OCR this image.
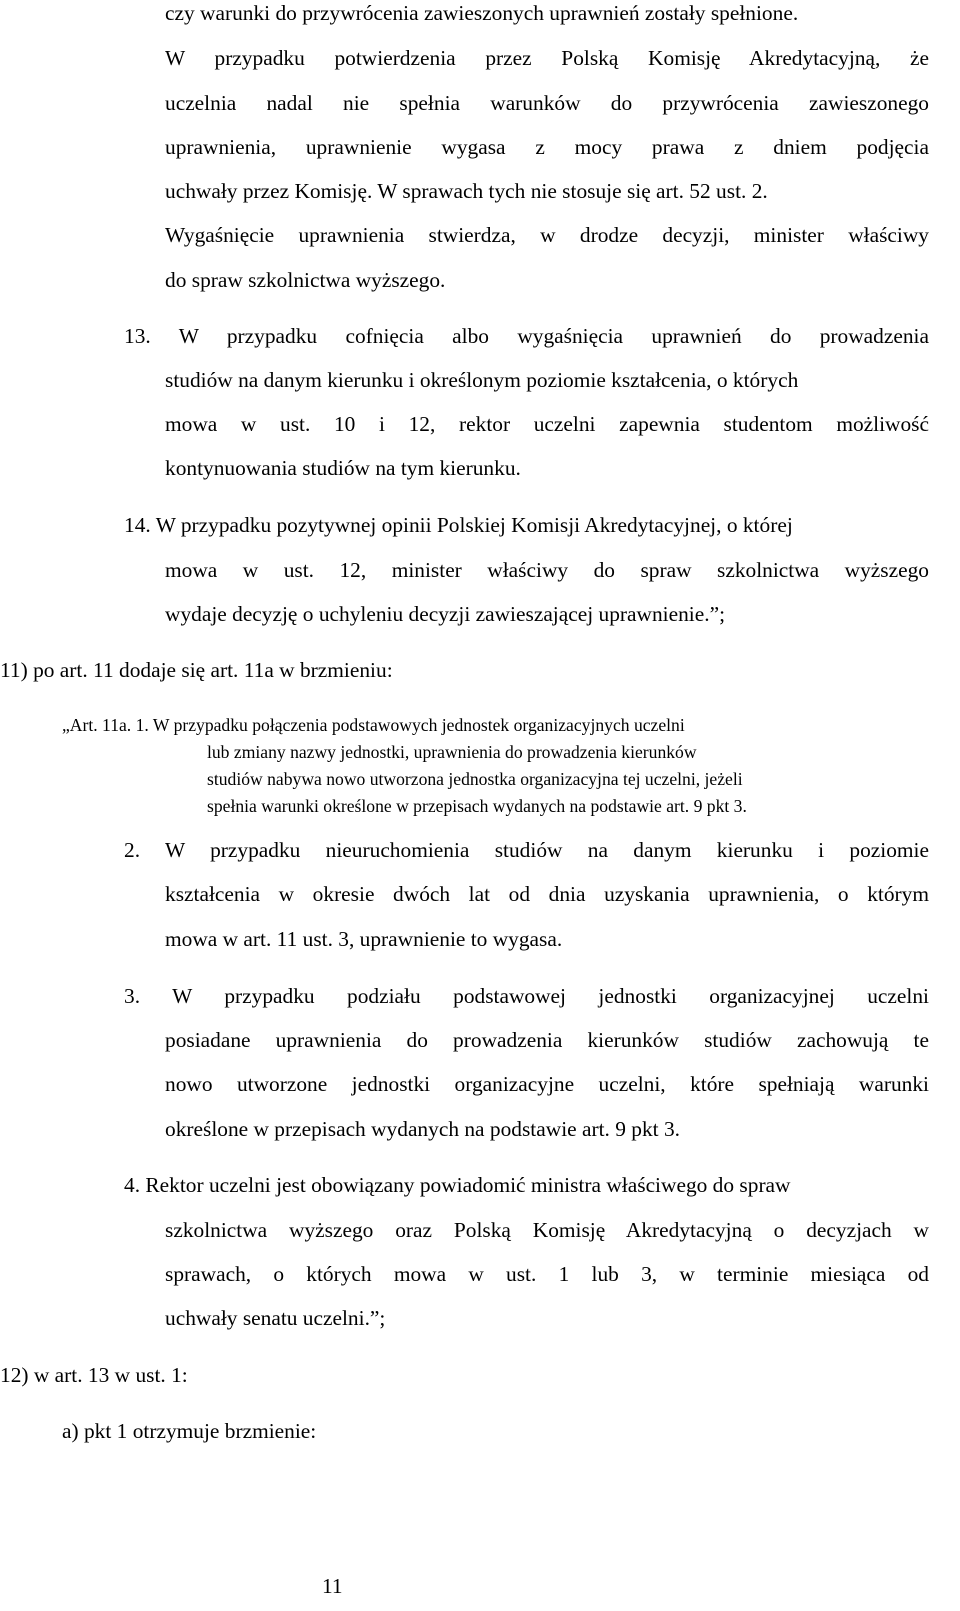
czy warunki do przywrócenia zawieszonych uprawnień zostały spełnione.
W przypadku potwierdzenia przez Polską Komisję Akredytacyjną, że
uczelnia nadal nie spełnia warunków do przywrócenia zawieszonego
uprawnienia, uprawnienie wygasa z mocy prawa z dniem podjęcia
uchwały przez Komisję. W sprawach tych nie stosuje się art. 52 ust. 2.
Wygaśnięcie uprawnienia stwierdza, w drodze decyzji, minister właściwy
do spraw szkolnictwa wyższego.
13. W przypadku cofnięcia albo wygaśnięcia uprawnień do prowadzenia
studiów na danym kierunku i określonym poziomie kształcenia, o których
mowa w ust. 10 i 12, rektor uczelni zapewnia studentom możliwość
kontynuowania studiów na tym kierunku.
14. W przypadku pozytywnej opinii Polskiej Komisji Akredytacyjnej, o której
mowa w ust. 12, minister właściwy do spraw szkolnictwa wyższego
wydaje decyzję o uchyleniu decyzji zawieszającej uprawnienie.”;
11) po art. 11 dodaje się art. 11a w brzmieniu:
„Art. 11a. 1. W przypadku połączenia podstawowych jednostek organizacyjnych uczelni
lub zmiany nazwy jednostki, uprawnienia do prowadzenia kierunków
studiów nabywa nowo utworzona jednostka organizacyjna tej uczelni, jeżeli
spełnia warunki określone w przepisach wydanych na podstawie art. 9 pkt 3.
2. W przypadku nieuruchomienia studiów na danym kierunku i poziomie
kształcenia w okresie dwóch lat od dnia uzyskania uprawnienia, o którym
mowa w art. 11 ust. 3, uprawnienie to wygasa.
3. W przypadku podziału podstawowej jednostki organizacyjnej uczelni
posiadane uprawnienia do prowadzenia kierunków studiów zachowują te
nowo utworzone jednostki organizacyjne uczelni, które spełniają warunki
określone w przepisach wydanych na podstawie art. 9 pkt 3.
4. Rektor uczelni jest obowiązany powiadomić ministra właściwego do spraw
szkolnictwa wyższego oraz Polską Komisję Akredytacyjną o decyzjach w
sprawach, o których mowa w ust. 1 lub 3, w terminie miesiąca od
uchwały senatu uczelni.”;
12) w art. 13 w ust. 1:
a) pkt 1 otrzymuje brzmienie:
11
